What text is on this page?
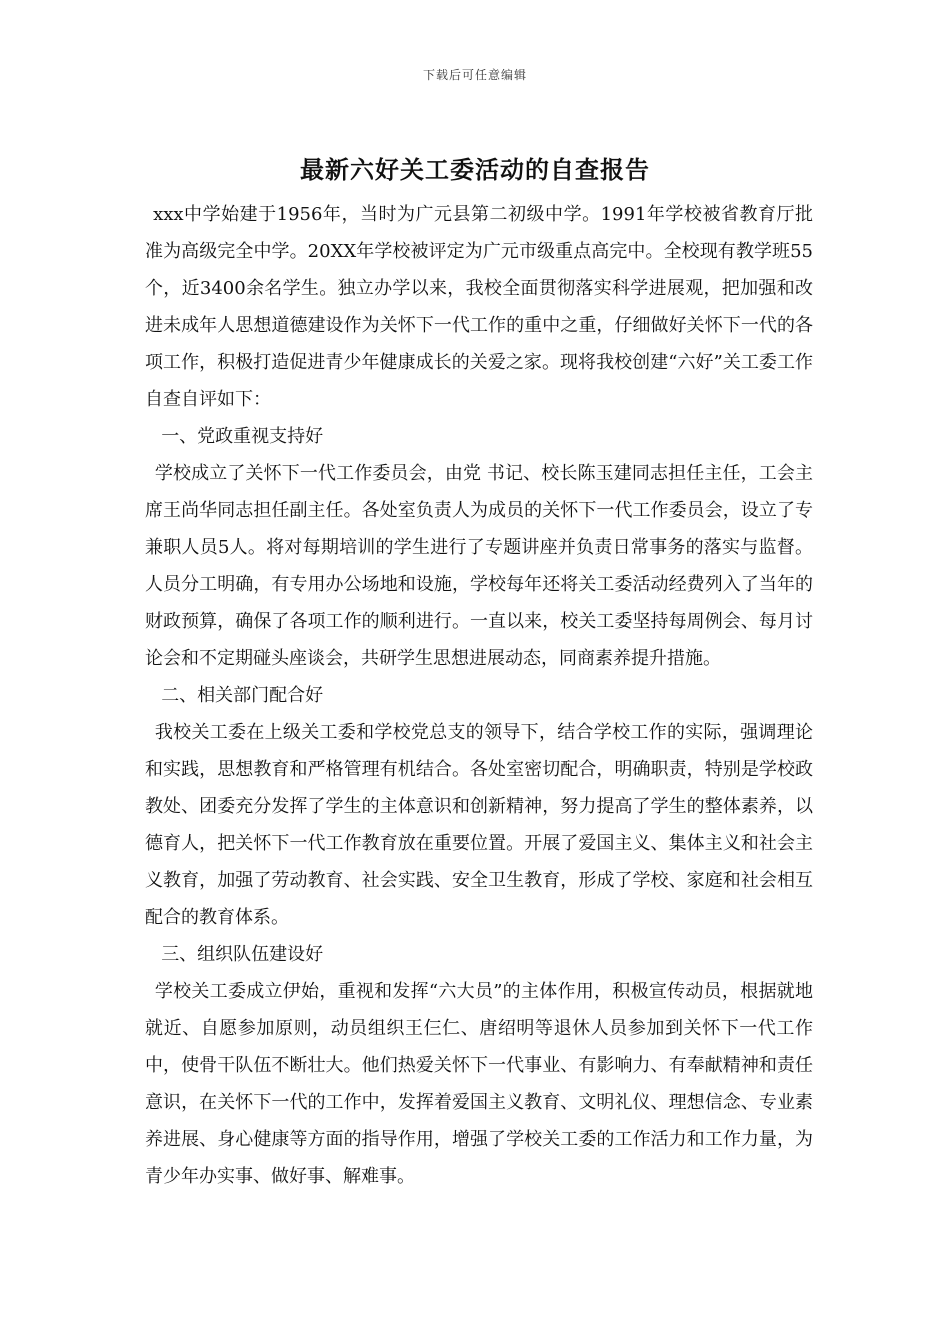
下载后可任意编辑
最新六好关工委活动的自查报告

xxx中学始建于1956年，当时为广元县第二初级中学。1991年学校被省教育厅批准为高级完全中学。20XX年学校被评定为广元市级重点高完中。全校现有教学班55个，近3400余名学生。独立办学以来，我校全面贯彻落实科学进展观，把加强和改进未成年人思想道德建设作为关怀下一代工作的重中之重，仔细做好关怀下一代的各项工作，积极打造促进青少年健康成长的关爱之家。现将我校创建“六好”关工委工作自查自评如下：

一、党政重视支持好

学校成立了关怀下一代工作委员会，由党 书记、校长陈玉建同志担任主任，工会主席王尚华同志担任副主任。各处室负责人为成员的关怀下一代工作委员会，设立了专兼职人员5人。将对每期培训的学生进行了专题讲座并负责日常事务的落实与监督。人员分工明确，有专用办公场地和设施，学校每年还将关工委活动经费列入了当年的财政预算，确保了各项工作的顺利进行。一直以来，校关工委坚持每周例会、每月讨论会和不定期碰头座谈会，共研学生思想进展动态，同商素养提升措施。

二、相关部门配合好

我校关工委在上级关工委和学校党总支的领导下，结合学校工作的实际，强调理论和实践，思想教育和严格管理有机结合。各处室密切配合，明确职责，特别是学校政教处、团委充分发挥了学生的主体意识和创新精神，努力提高了学生的整体素养，以德育人，把关怀下一代工作教育放在重要位置。开展了爱国主义、集体主义和社会主义教育，加强了劳动教育、社会实践、安全卫生教育，形成了学校、家庭和社会相互配合的教育体系。

三、组织队伍建设好

学校关工委成立伊始，重视和发挥“六大员”的主体作用，积极宣传动员，根据就地就近、自愿参加原则，动员组织王仨仁、唐绍明等退休人员参加到关怀下一代工作中，使骨干队伍不断壮大。他们热爱关怀下一代事业、有影响力、有奉献精神和责任意识，在关怀下一代的工作中，发挥着爱国主义教育、文明礼仪、理想信念、专业素养进展、身心健康等方面的指导作用，增强了学校关工委的工作活力和工作力量，为青少年办实事、做好事、解难事。
